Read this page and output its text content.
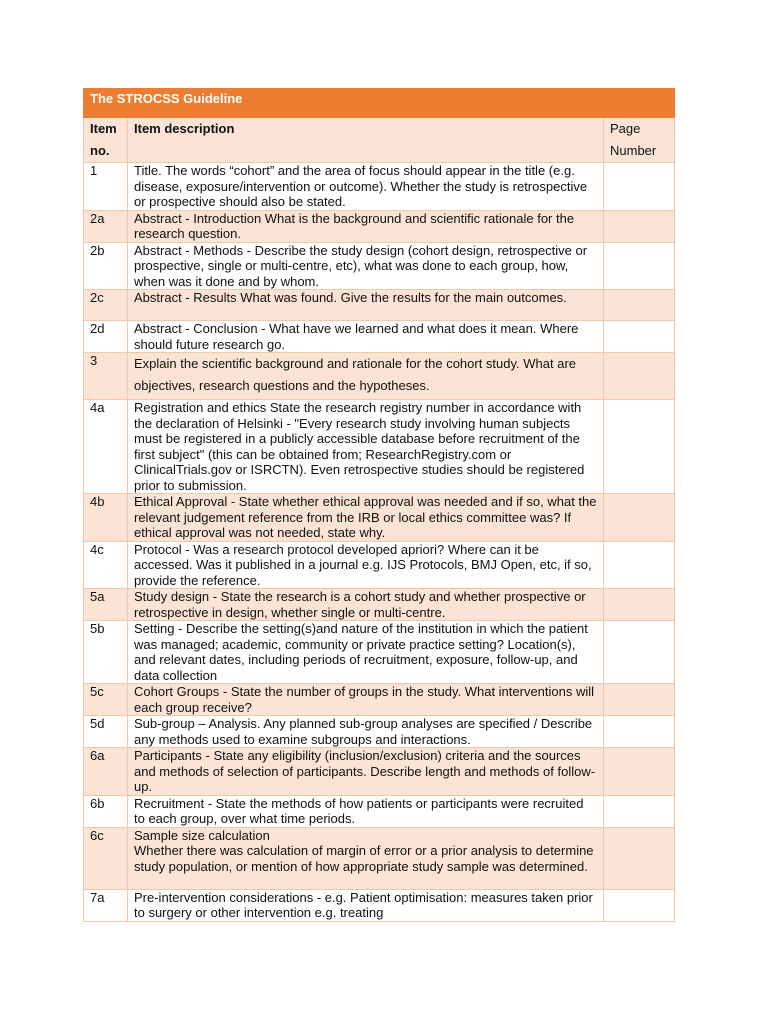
The STROCSS Guideline		
Item
no.	Item description	Page
Number
1	Title. The words “cohort” and the area of focus should appear in the title (e.g. disease, exposure/intervention or outcome). Whether the study is retrospective or prospective should also be stated.	
2a	Abstract - Introduction What is the background and scientific rationale for the research question.	
2b	Abstract - Methods - Describe the study design (cohort design, retrospective or prospective, single or multi-centre, etc), what was done to each group, how, when was it done and by whom.	
2c	Abstract - Results What was found. Give the results for the main outcomes.	
2d	Abstract - Conclusion - What have we learned and what does it mean. Where should future research go.	
3	Explain the scientific background and rationale for the cohort study. What are objectives, research questions and the hypotheses.	
4a	Registration and ethics State the research registry number in accordance with the declaration of Helsinki - "Every research study involving human subjects must be registered in a publicly accessible database before recruitment of the first subject" (this can be obtained from; ResearchRegistry.com or ClinicalTrials.gov or ISRCTN). Even retrospective studies should be registered prior to submission.	
4b	Ethical Approval - State whether ethical approval was needed and if so, what the relevant judgement reference from the IRB or local ethics committee was? If ethical approval was not needed, state why.	
4c	Protocol - Was a research protocol developed apriori? Where can it be accessed. Was it published in a journal e.g. IJS Protocols, BMJ Open, etc, if so, provide the reference.	
5a	Study design - State the research is a cohort study and whether prospective or retrospective in design, whether single or multi-centre.	
5b	Setting - Describe the setting(s)and nature of the institution in which the patient was managed; academic, community or private practice setting? Location(s), and relevant dates, including periods of recruitment, exposure, follow-up, and data collection	
5c	Cohort Groups - State the number of groups in the study. What interventions will each group receive?	
5d	Sub-group – Analysis. Any planned sub-group analyses are specified / Describe any methods used to examine subgroups and interactions.	
6a	Participants - State any eligibility (inclusion/exclusion) criteria and the sources and methods of selection of participants. Describe length and methods of follow-up.	
6b	Recruitment - State the methods of how patients or participants were recruited to each group, over what time periods.	
6c	Sample size calculation
Whether there was calculation of margin of error or a prior analysis to determine study population, or mention of how appropriate study sample was determined.	
7a	Pre-intervention considerations - e.g. Patient optimisation: measures taken prior to surgery or other intervention e.g. treating	
